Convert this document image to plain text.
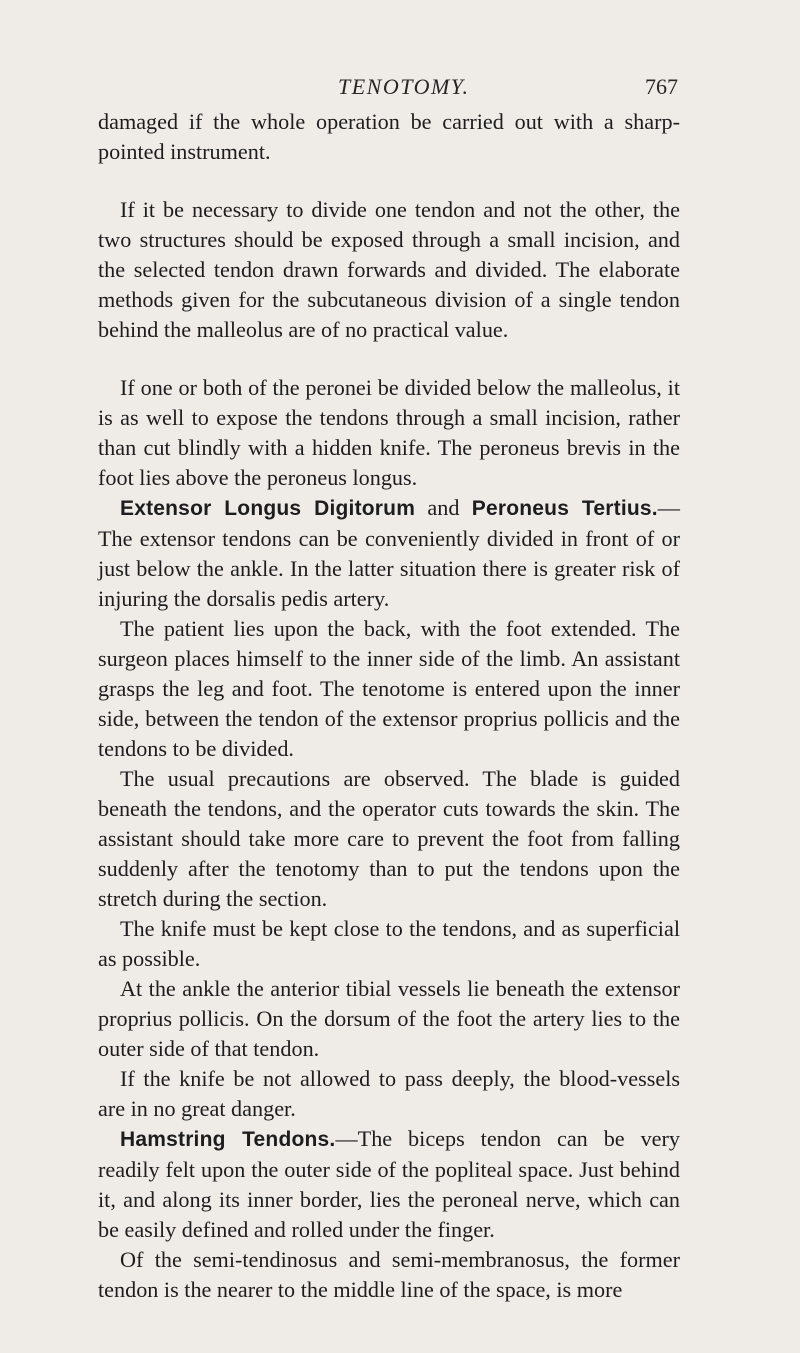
TENOTOMY.	767

damaged if the whole operation be carried out with a sharp-pointed instrument.

If it be necessary to divide one tendon and not the other, the two structures should be exposed through a small incision, and the selected tendon drawn forwards and divided. The elaborate methods given for the subcutaneous division of a single tendon behind the malleolus are of no practical value.

If one or both of the peronei be divided below the malleolus, it is as well to expose the tendons through a small incision, rather than cut blindly with a hidden knife. The peroneus brevis in the foot lies above the peroneus longus.

Extensor Longus Digitorum and Peroneus Tertius.— The extensor tendons can be conveniently divided in front of or just below the ankle. In the latter situation there is greater risk of injuring the dorsalis pedis artery.

The patient lies upon the back, with the foot extended. The surgeon places himself to the inner side of the limb. An assistant grasps the leg and foot. The tenotome is entered upon the inner side, between the tendon of the extensor proprius pollicis and the tendons to be divided.

The usual precautions are observed. The blade is guided beneath the tendons, and the operator cuts towards the skin. The assistant should take more care to prevent the foot from falling suddenly after the tenotomy than to put the tendons upon the stretch during the section.

The knife must be kept close to the tendons, and as superficial as possible.

At the ankle the anterior tibial vessels lie beneath the extensor proprius pollicis. On the dorsum of the foot the artery lies to the outer side of that tendon.

If the knife be not allowed to pass deeply, the blood-vessels are in no great danger.

Hamstring Tendons.—The biceps tendon can be very readily felt upon the outer side of the popliteal space. Just behind it, and along its inner border, lies the peroneal nerve, which can be easily defined and rolled under the finger.

Of the semi-tendinosus and semi-membranosus, the former tendon is the nearer to the middle line of the space, is more
